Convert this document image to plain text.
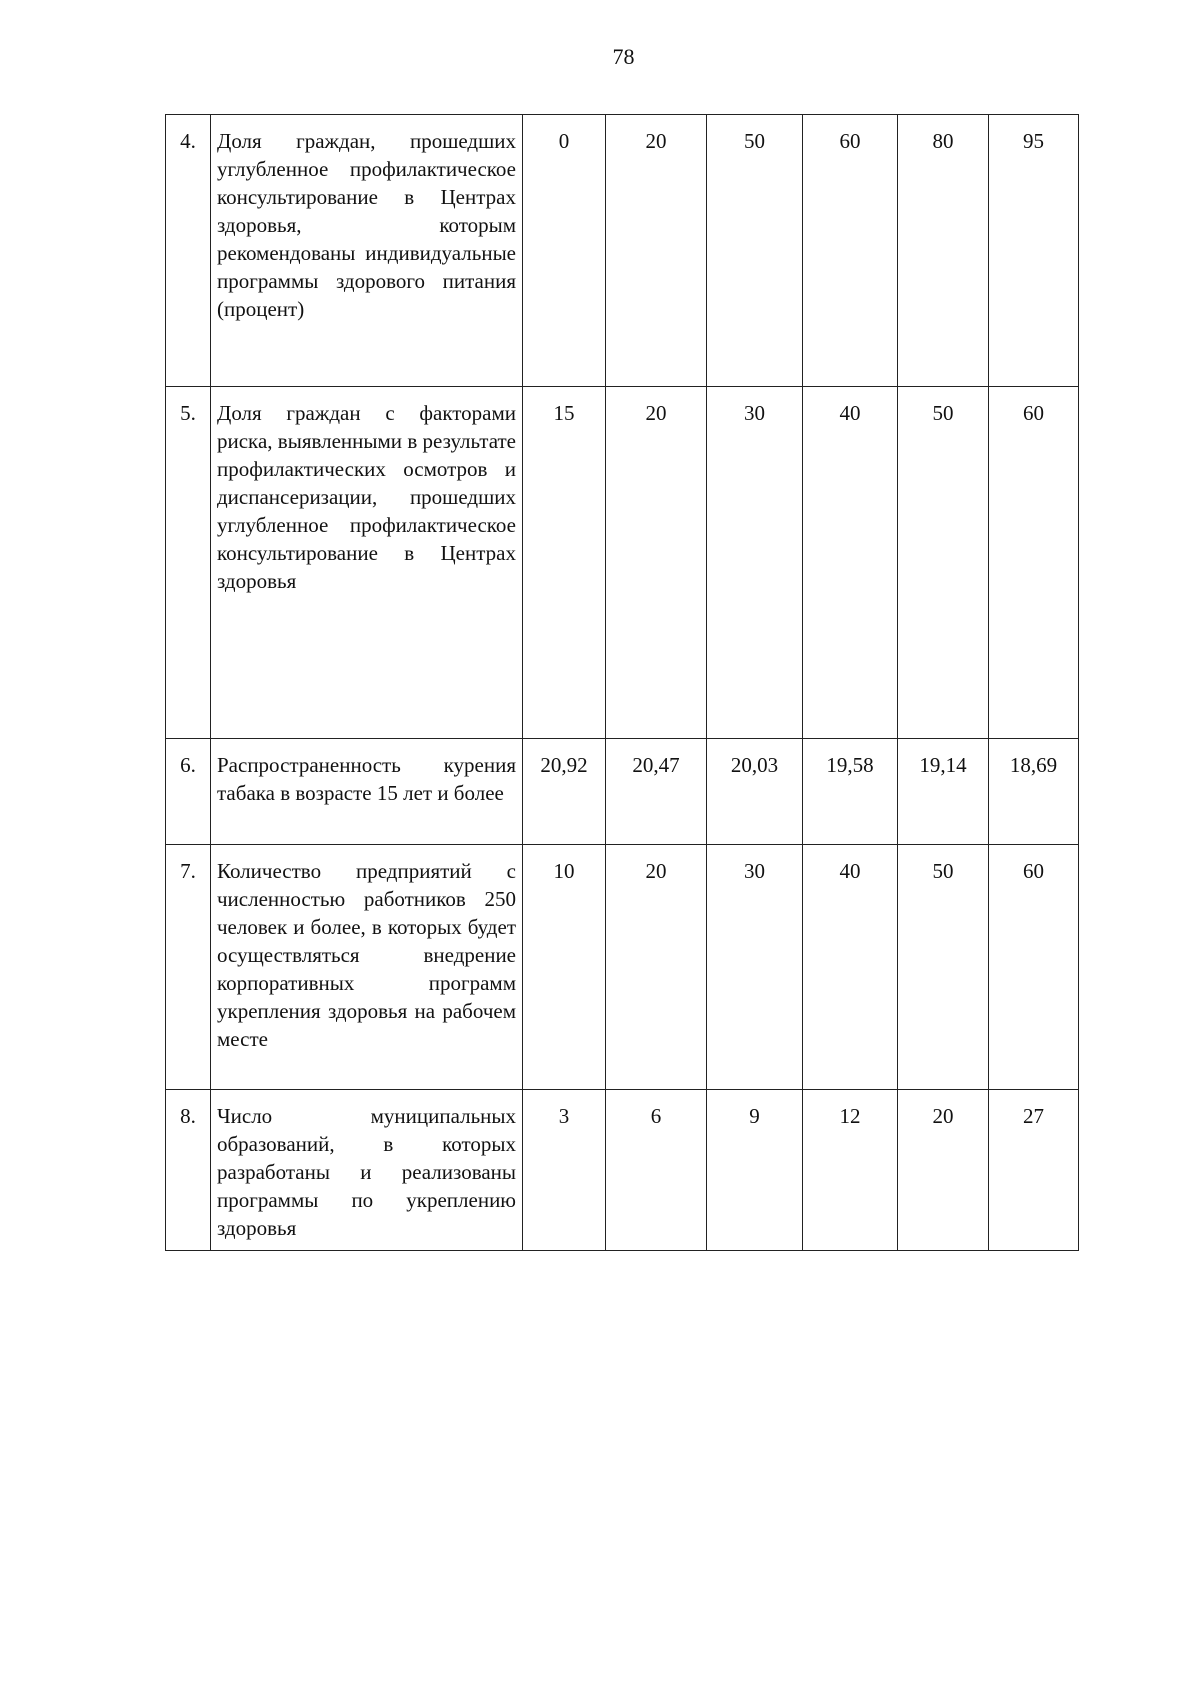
78
4.	Доля граждан, прошедших углубленное профилактическое консультирование в Центрах здоровья, которым рекомендованы индивидуальные программы здорового питания (процент)	0	20	50	60	80	95
5.	Доля граждан с факторами риска, выявленными в результате профилактических осмотров и диспансеризации, прошедших углубленное профилактическое консультирование в Центрах здоровья	15	20	30	40	50	60
6.	Распространенность курения табака в возрасте 15 лет и более	20,92	20,47	20,03	19,58	19,14	18,69
7.	Количество предприятий с численностью работников 250 человек и более, в которых будет осуществляться внедрение корпоративных программ укрепления здоровья на рабочем месте	10	20	30	40	50	60
8.	Число муниципальных образований, в которых разработаны и реализованы программы по укреплению здоровья	3	6	9	12	20	27
